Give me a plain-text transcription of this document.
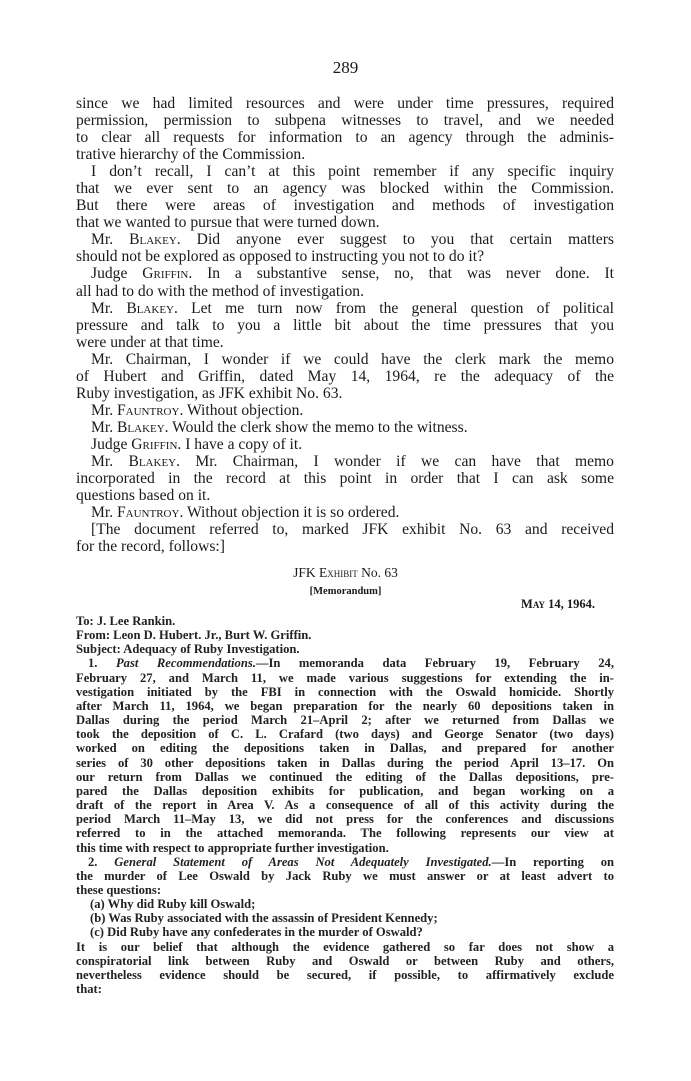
289
since we had limited resources and were under time pressures, required
permission, permission to subpena witnesses to travel, and we needed
to clear all requests for information to an agency through the adminis-
trative hierarchy of the Commission.
I don’t recall, I can’t at this point remember if any specific inquiry
that we ever sent to an agency was blocked within the Commission.
But there were areas of investigation and methods of investigation
that we wanted to pursue that were turned down.
Mr. Blakey. Did anyone ever suggest to you that certain matters
should not be explored as opposed to instructing you not to do it?
Judge Griffin. In a substantive sense, no, that was never done. It
all had to do with the method of investigation.
Mr. Blakey. Let me turn now from the general question of political
pressure and talk to you a little bit about the time pressures that you
were under at that time.
Mr. Chairman, I wonder if we could have the clerk mark the memo
of Hubert and Griffin, dated May 14, 1964, re the adequacy of the
Ruby investigation, as JFK exhibit No. 63.
Mr. Fauntroy. Without objection.
Mr. Blakey. Would the clerk show the memo to the witness.
Judge Griffin. I have a copy of it.
Mr. Blakey. Mr. Chairman, I wonder if we can have that memo
incorporated in the record at this point in order that I can ask some
questions based on it.
Mr. Fauntroy. Without objection it is so ordered.
[The document referred to, marked JFK exhibit No. 63 and received
for the record, follows:]
JFK Exhibit No. 63
[Memorandum]
May 14, 1964.
To: J. Lee Rankin.
From: Leon D. Hubert. Jr., Burt W. Griffin.
Subject: Adequacy of Ruby Investigation.
1. Past Recommendations.—In memoranda data February 19, February 24,
February 27, and March 11, we made various suggestions for extending the in-
vestigation initiated by the FBI in connection with the Oswald homicide. Shortly
after March 11, 1964, we began preparation for the nearly 60 depositions taken in
Dallas during the period March 21–April 2; after we returned from Dallas we
took the deposition of C. L. Crafard (two days) and George Senator (two days)
worked on editing the depositions taken in Dallas, and prepared for another
series of 30 other depositions taken in Dallas during the period April 13–17. On
our return from Dallas we continued the editing of the Dallas depositions, pre-
pared the Dallas deposition exhibits for publication, and began working on a
draft of the report in Area V. As a consequence of all of this activity during the
period March 11–May 13, we did not press for the conferences and discussions
referred to in the attached memoranda. The following represents our view at
this time with respect to appropriate further investigation.
2. General Statement of Areas Not Adequately Investigated.—In reporting on
the murder of Lee Oswald by Jack Ruby we must answer or at least advert to
these questions:
(a) Why did Ruby kill Oswald;
(b) Was Ruby associated with the assassin of President Kennedy;
(c) Did Ruby have any confederates in the murder of Oswald?
It is our belief that although the evidence gathered so far does not show a
conspiratorial link between Ruby and Oswald or between Ruby and others,
nevertheless evidence should be secured, if possible, to affirmatively exclude
that:
